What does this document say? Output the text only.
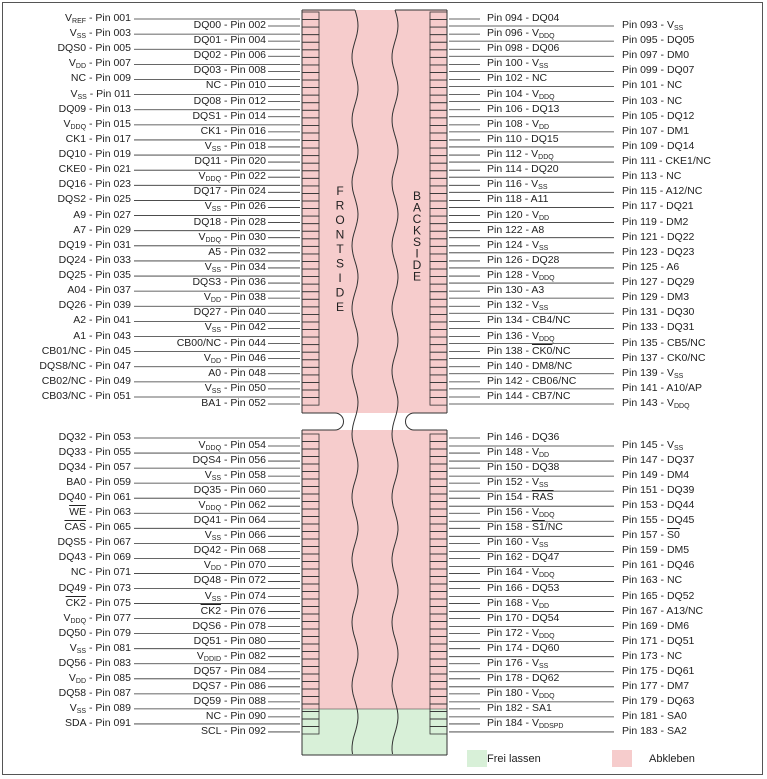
F
R
O
N
T
S
I
D
E
B
A
C
K
S
I
D
E
$V_{REF}$ - Pin 001
$V_{SS}$ - Pin 003
DQS0 - Pin 005
$V_{DD}$ - Pin 007
NC - Pin 009
$V_{SS}$ - Pin 011
DQ09 - Pin 013
$V_{DDQ}$ - Pin 015
CK1 - Pin 017
DQ10 - Pin 019
CKE0 - Pin 021
DQ16 - Pin 023
DQS2 - Pin 025
A9 - Pin 027
A7 - Pin 029
DQ19 - Pin 031
DQ24 - Pin 033
DQ25 - Pin 035
A04 - Pin 037
DQ26 - Pin 039
A2 - Pin 041
A1 - Pin 043
CB01/NC - Pin 045
DQS8/NC - Pin 047
CB02/NC - Pin 049
CB03/NC - Pin 051
DQ32 - Pin 053
DQ33 - Pin 055
DQ34 - Pin 057
BA0 - Pin 059
DQ40 - Pin 061
$\overline{WE}$ - Pin 063
$\overline{CAS}$ - Pin 065
DQS5 - Pin 067
DQ43 - Pin 069
NC - Pin 071
DQ49 - Pin 073
CK2 - Pin 075
$V_{DDQ}$ - Pin 077
DQ50 - Pin 079
$V_{SS}$ - Pin 081
DQ56 - Pin 083
$V_{DD}$ - Pin 085
DQ58 - Pin 087
$V_{SS}$ - Pin 089
SDA - Pin 091
DQ00 - Pin 002
DQ01 - Pin 004
DQ02 - Pin 006
DQ03 - Pin 008
NC - Pin 010
DQ08 - Pin 012
DQS1 - Pin 014
CK1 - Pin 016
$V_{SS}$ - Pin 018
DQ11 - Pin 020
$V_{DDQ}$ - Pin 022
DQ17 - Pin 024
$V_{SS}$ - Pin 026
DQ18 - Pin 028
$V_{DDQ}$ - Pin 030
A5 - Pin 032
$V_{SS}$ - Pin 034
DQS3 - Pin 036
$V_{DD}$ - Pin 038
DQ27 - Pin 040
$V_{SS}$ - Pin 042
CB00/NC - Pin 044
$V_{DD}$ - Pin 046
A0 - Pin 048
$V_{SS}$ - Pin 050
BA1 - Pin 052
$V_{DDQ}$ - Pin 054
DQS4 - Pin 056
$V_{SS}$ - Pin 058
DQ35 - Pin 060
$V_{DDQ}$ - Pin 062
DQ41 - Pin 064
$V_{SS}$ - Pin 066
DQ42 - Pin 068
$V_{DD}$ - Pin 070
DQ48 - Pin 072
$V_{SS}$ - Pin 074
CK2 - Pin 076
DQS6 - Pin 078
DQ51 - Pin 080
$V_{DDID}$ - Pin 082
DQ57 - Pin 084
DQS7 - Pin 086
DQ59 - Pin 088
NC - Pin 090
SCL - Pin 092
Pin 094 - DQ04
Pin $096 - V_{DDQ}$
Pin 098 - DQ06
Pin $100 - V_{SS}$
Pin 102 - NC
Pin $104 - V_{DDQ}$
Pin 106 - DQ13
Pin $108 - V_{DD}$
Pin 110 - DQ15
Pin $112 - V_{DDQ}$
Pin 114 - DQ20
Pin $116 - V_{SS}$
Pin 118 - A11
Pin $120 - V_{DD}$
Pin 122 - A8
Pin $124 - V_{SS}$
Pin 126 - DQ28
Pin $128 - V_{DDQ}$
Pin 130 - A3
Pin $132 - V_{SS}$
Pin 134 - CB4/NC
Pin $136 - V_{DDQ}$
Pin 138 - CK0/NC
Pin 140 - DM8/NC
Pin 142 - CB06/NC
Pin 144 - CB7/NC
Pin 146 - DQ36
Pin $148 - V_{DD}$
Pin 150 - DQ38
Pin $152 - V_{SS}$
Pin $154 - \overline{RAS}$
Pin $156 - V_{DDQ}$
Pin 158 - S1/NC
Pin $160 - V_{SS}$
Pin 162 - DQ47
Pin $164 - V_{DDQ}$
Pin 166 - DQ53
Pin $168 - V_{DD}$
Pin 170 - DQ54
Pin $172 - V_{DDQ}$
Pin 174 - DQ60
Pin $176 - V_{SS}$
Pin 178 - DQ62
Pin $180 - V_{DDQ}$
Pin 182 - SA1
Pin $184 - V_{DDSPD}$
Pin $093 - V_{SS}$
Pin 095 - DQ05
Pin 097 - DM0
Pin 099 - DQ07
Pin 101 - NC
Pin 103 - NC
Pin 105 - DQ12
Pin 107 - DM1
Pin 109 - DQ14
Pin 111 - CKE1/NC
Pin 113 - NC
Pin 115 - A12/NC
Pin 117 - DQ21
Pin 119 - DM2
Pin 121 - DQ22
Pin 123 - DQ23
Pin 125 - A6
Pin 127 - DQ29
Pin 129 - DM3
Pin 131 - DQ30
Pin 133 - DQ31
Pin 135 - CB5/NC
Pin 137 - CK0/NC
Pin $139 - V_{SS}$
Pin 141 - A10/AP
Pin $143 - V_{DDQ}$
Pin $145 - V_{SS}$
Pin 147 - DQ37
Pin 149 - DM4
Pin 151 - DQ39
Pin 153 - DQ44
Pin 155 - DQ45
Pin 157 - S0
Pin 159 - DM5
Pin 161 - DQ46
Pin 163 - NC
Pin 165 - DQ52
Pin 167 - A13/NC
Pin 169 - DM6
Pin 171 - DQ51
Pin 173 - NC
Pin 175 - DQ61
Pin 177 - DM7
Pin 179 - DQ63
Pin 181 - SA0
Pin 183 - SA2
Frei lassen	Abkleben
